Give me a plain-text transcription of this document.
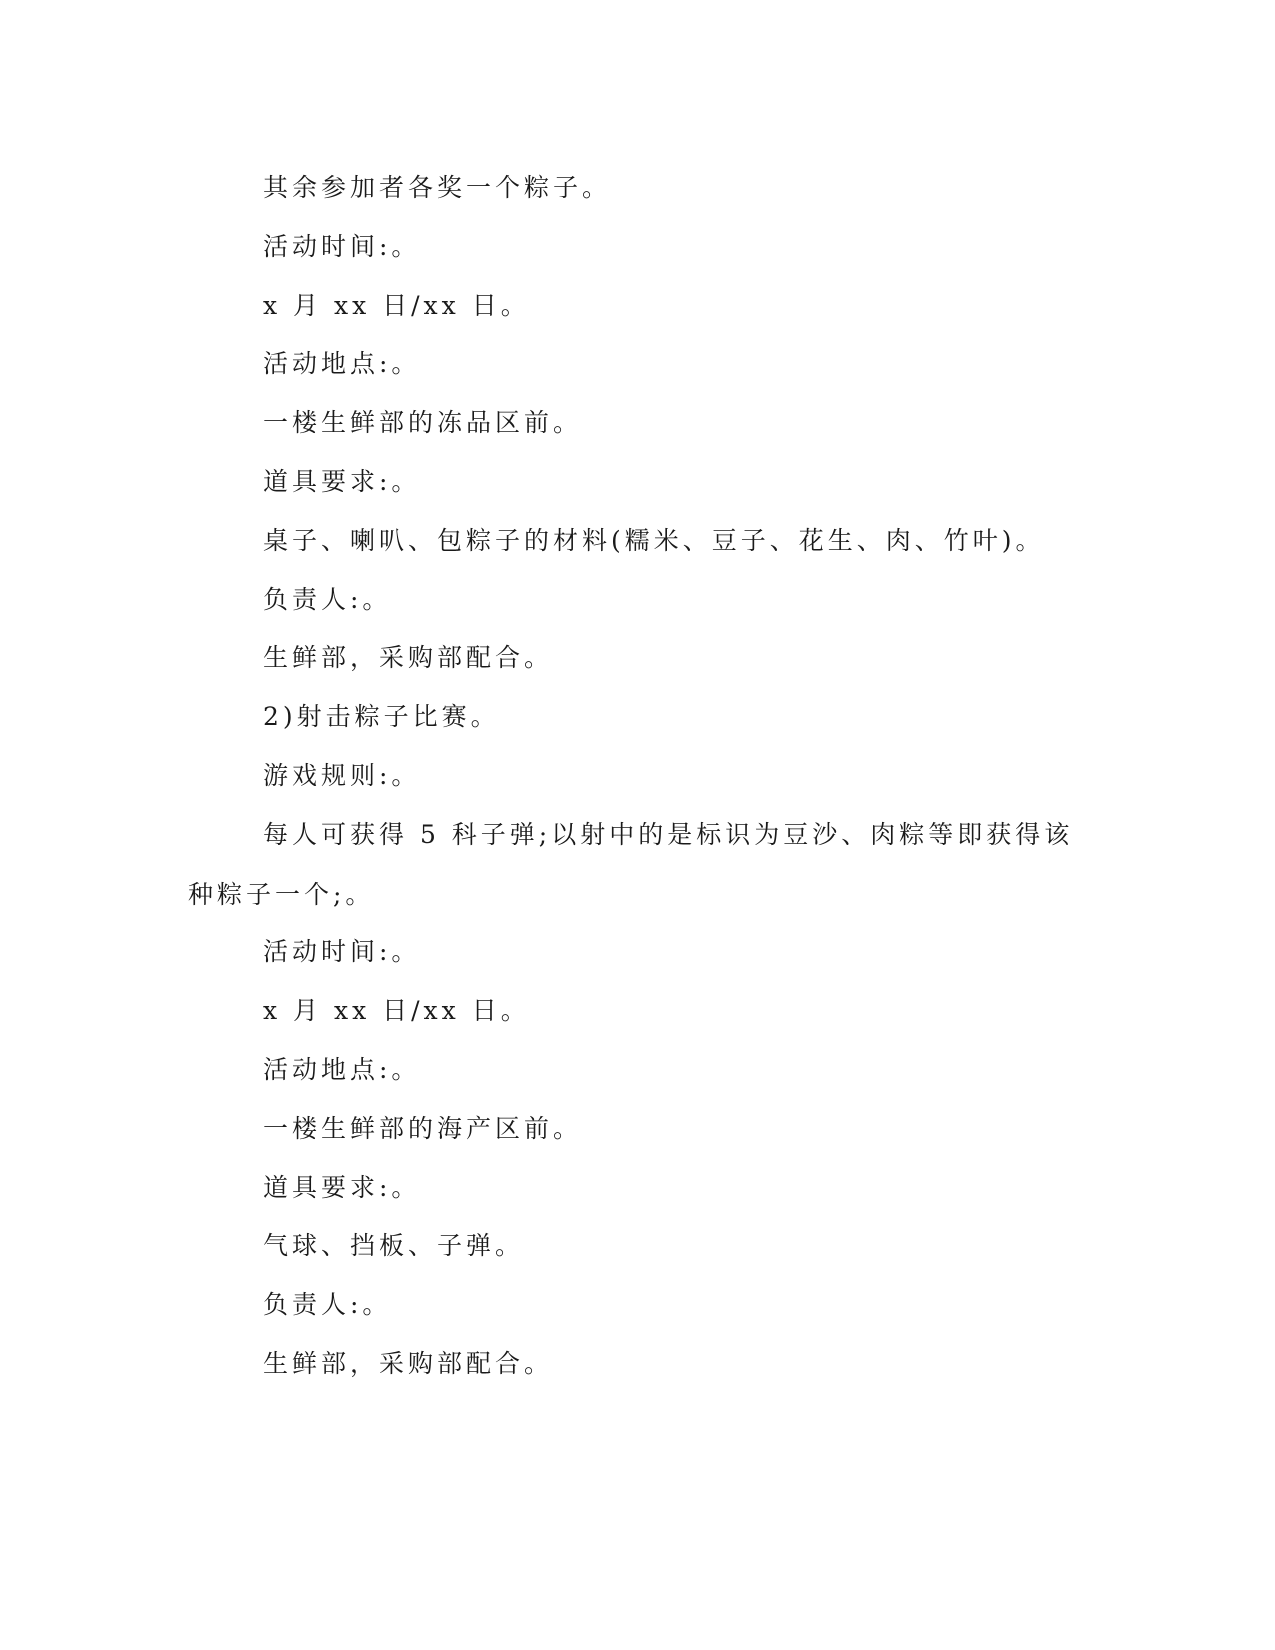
其余参加者各奖一个粽子。

活动时间:。

x 月 xx 日/xx 日。

活动地点:。

一楼生鲜部的冻品区前。

道具要求:。

桌子、喇叭、包粽子的材料(糯米、豆子、花生、肉、竹叶)。

负责人:。

生鲜部，采购部配合。

2)射击粽子比赛。

游戏规则:。

每人可获得 5 科子弹;以射中的是标识为豆沙、肉粽等即获得该种粽子一个;。

活动时间:。

x 月 xx 日/xx 日。

活动地点:。

一楼生鲜部的海产区前。

道具要求:。

气球、挡板、子弹。

负责人:。

生鲜部，采购部配合。
